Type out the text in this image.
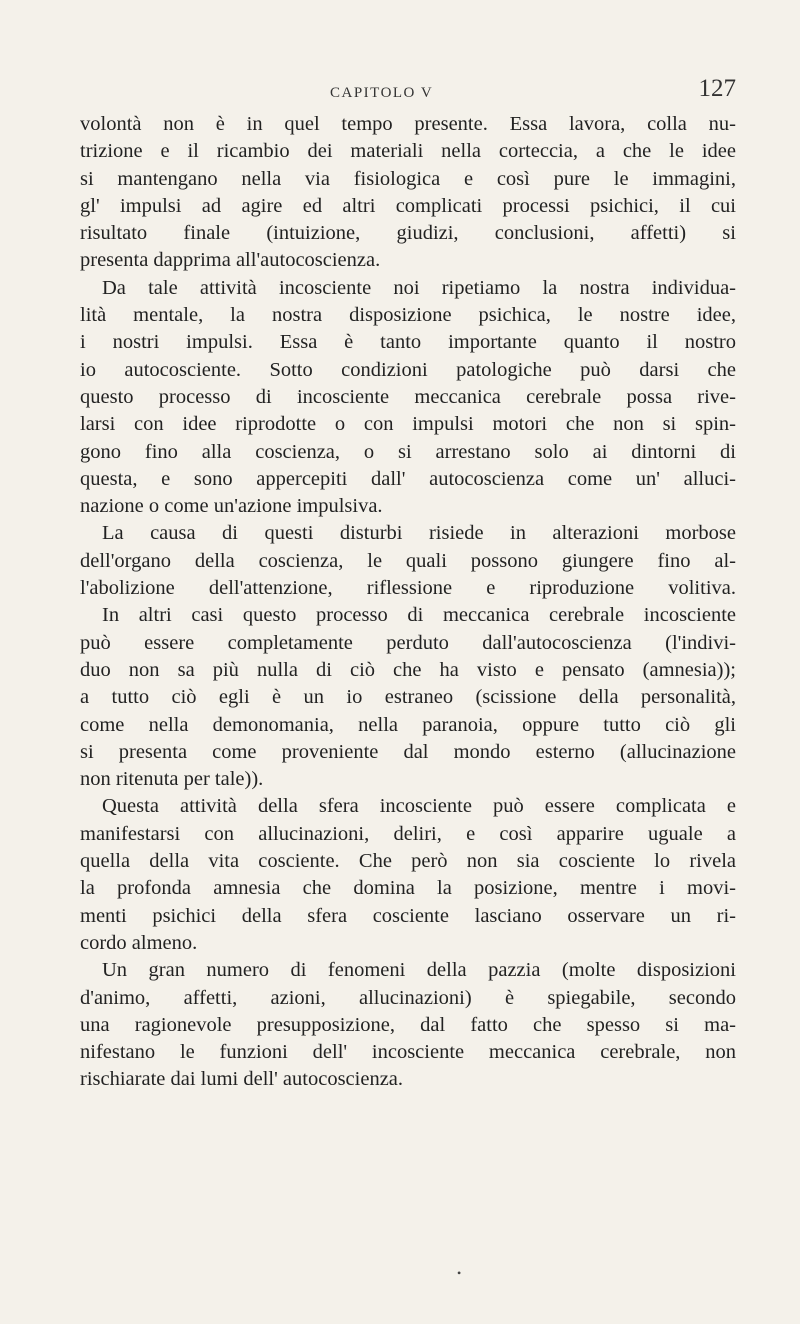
CAPITOLO V	127
volontà non è in quel tempo presente. Essa lavora, colla nu-
trizione e il ricambio dei materiali nella corteccia, a che le idee
si mantengano nella via fisiologica e così pure le immagini,
gl' impulsi ad agire ed altri complicati processi psichici, il cui
risultato finale (intuizione, giudizi, conclusioni, affetti) si
presenta dapprima all'autocoscienza.
Da tale attività incosciente noi ripetiamo la nostra individua-
lità mentale, la nostra disposizione psichica, le nostre idee,
i nostri impulsi. Essa è tanto importante quanto il nostro
io autocosciente. Sotto condizioni patologiche può darsi che
questo processo di incosciente meccanica cerebrale possa rive-
larsi con idee riprodotte o con impulsi motori che non si spin-
gono fino alla coscienza, o si arrestano solo ai dintorni di
questa, e sono appercepiti dall' autocoscienza come un' alluci-
nazione o come un'azione impulsiva.
La causa di questi disturbi risiede in alterazioni morbose
dell'organo della coscienza, le quali possono giungere fino al-
l'abolizione dell'attenzione, riflessione e riproduzione volitiva.
In altri casi questo processo di meccanica cerebrale incosciente
può essere completamente perduto dall'autocoscienza (l'indivi-
duo non sa più nulla di ciò che ha visto e pensato (amnesia));
a tutto ciò egli è un io estraneo (scissione della personalità,
come nella demonomania, nella paranoia, oppure tutto ciò gli
si presenta come proveniente dal mondo esterno (allucinazione
non ritenuta per tale)).
Questa attività della sfera incosciente può essere complicata e
manifestarsi con allucinazioni, deliri, e così apparire uguale a
quella della vita cosciente. Che però non sia cosciente lo rivela
la profonda amnesia che domina la posizione, mentre i movi-
menti psichici della sfera cosciente lasciano osservare un ri-
cordo almeno.
Un gran numero di fenomeni della pazzia (molte disposizioni
d'animo, affetti, azioni, allucinazioni) è spiegabile, secondo
una ragionevole presupposizione, dal fatto che spesso si ma-
nifestano le funzioni dell' incosciente meccanica cerebrale, non
rischiarate dai lumi dell' autocoscienza.
•
